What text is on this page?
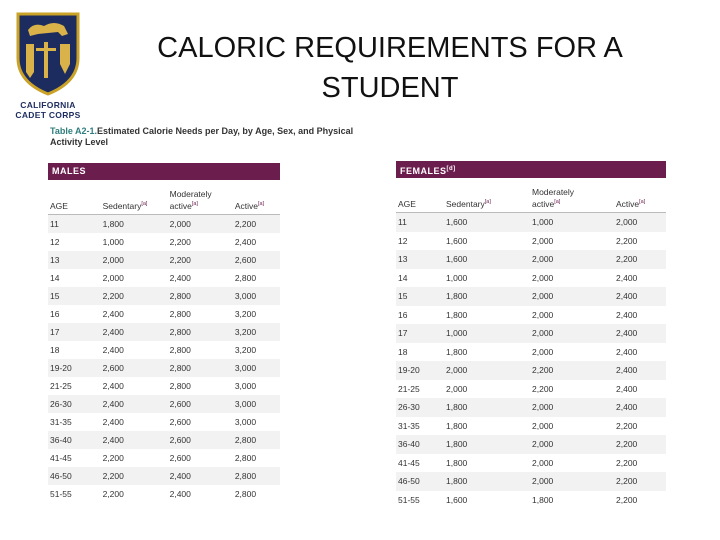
CALIFORNIA
CADET CORPS
CALORIC REQUIREMENTS FOR A
STUDENT
Table A2-1.Estimated Calorie Needs per Day, by Age, Sex, and Physical
Activity Level
MALES
AGE	Sedentary[a]
Moderately
active[a]	Active[a]
11	1,800	2,000	2,200
12	1,000	2,200	2,400
13	2,000	2,200	2,600
14	2,000	2,400	2,800
15	2,200	2,800	3,000
16	2,400	2,800	3,200
17	2,400	2,800	3,200
18	2,400	2,800	3,200
19-20	2,600	2,800	3,000
21-25	2,400	2,800	3,000
26-30	2,400	2,600	3,000
31-35	2,400	2,600	3,000
36-40	2,400	2,600	2,800
41-45	2,200	2,600	2,800
46-50	2,200	2,400	2,800
51-55	2,200	2,400	2,800
FEMALES[d]
AGE	Sedentary[a]
Moderately
active[a]	Active[a]
11	1,600	1,000	2,000
12	1,600	2,000	2,200
13	1,600	2,000	2,200
14	1,000	2,000	2,400
15	1,800	2,000	2,400
16	1,800	2,000	2,400
17	1,000	2,000	2,400
18	1,800	2,000	2,400
19-20	2,000	2,200	2,400
21-25	2,000	2,200	2,400
26-30	1,800	2,000	2,400
31-35	1,800	2,000	2,200
36-40	1,800	2,000	2,200
41-45	1,800	2,000	2,200
46-50	1,800	2,000	2,200
51-55	1,600	1,800	2,200
